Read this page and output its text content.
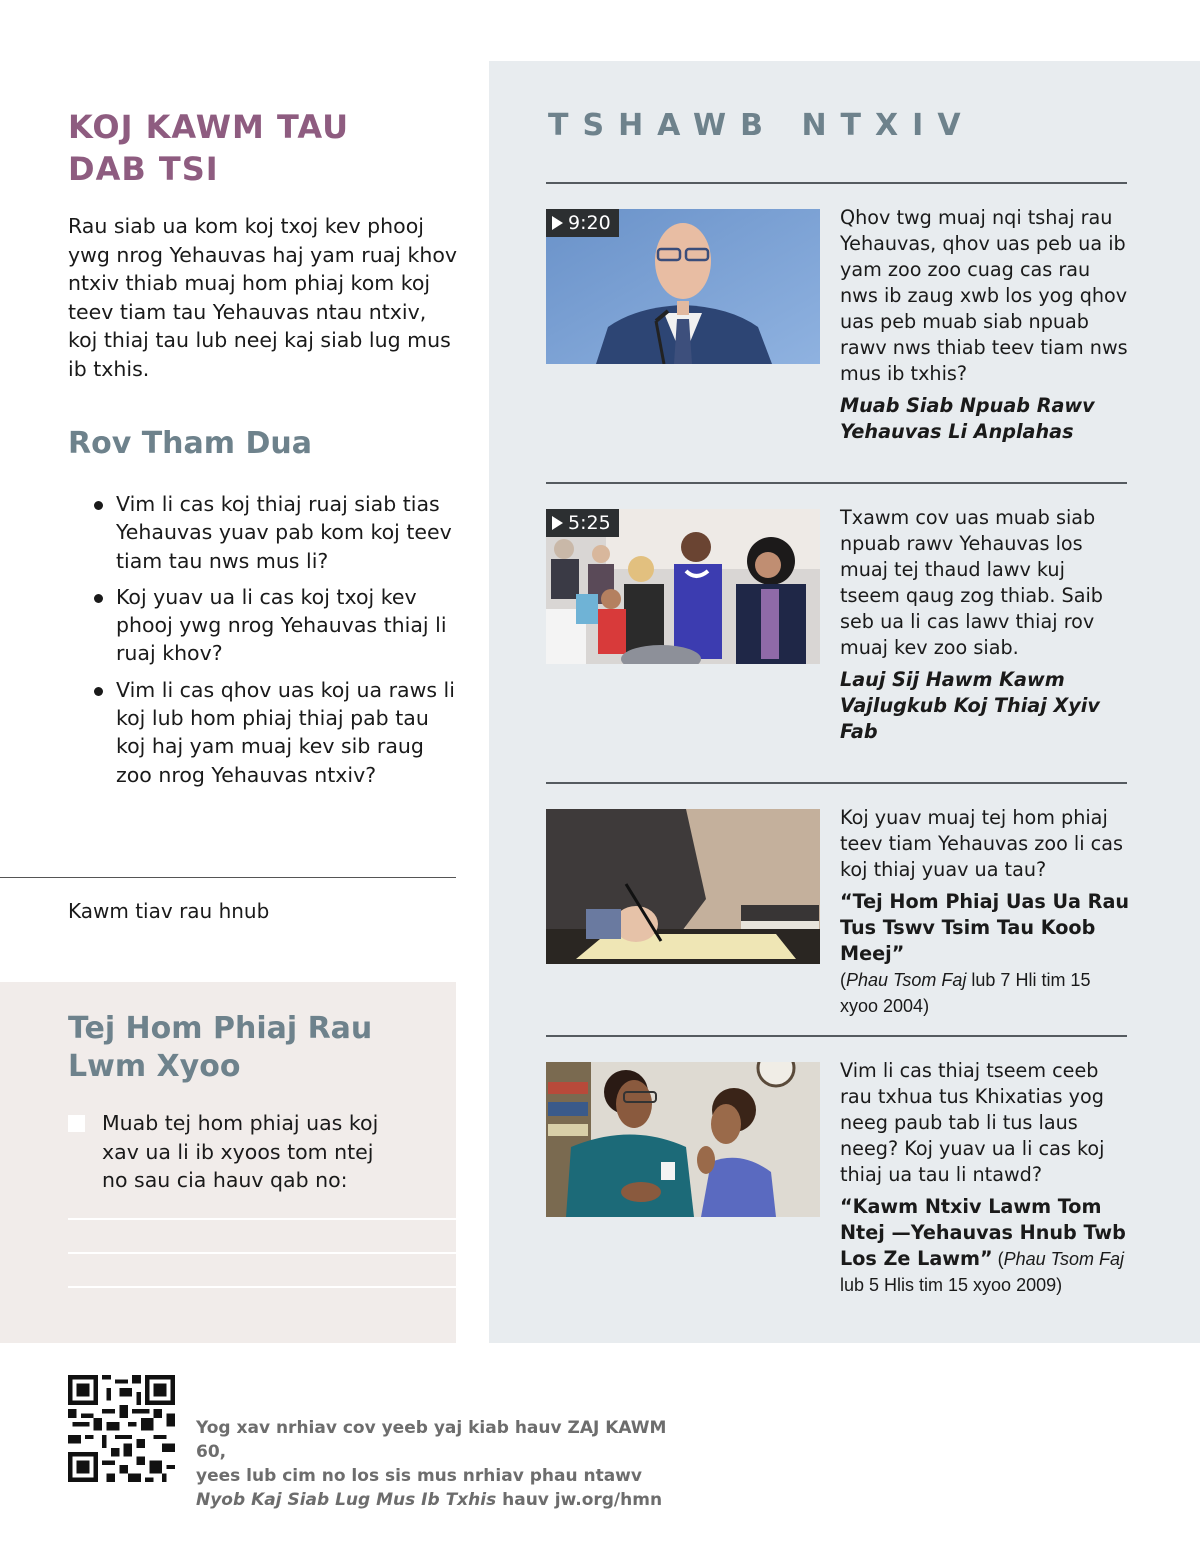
KOJ KAWM TAU
DAB TSI

Rau siab ua kom koj txoj kev phooj ywg nrog Yehauvas haj yam ruaj khov ntxiv thiab muaj hom phiaj kom koj teev tiam tau Yehauvas ntau ntxiv, koj thiaj tau lub neej kaj siab lug mus ib txhis.

Rov Tham Dua
Vim li cas koj thiaj ruaj siab tias Yehauvas yuav pab kom koj teev tiam tau nws mus li?
Koj yuav ua li cas koj txoj kev phooj ywg nrog Yehauvas thiaj li ruaj khov?
Vim li cas qhov uas koj ua raws li koj lub hom phiaj thiaj pab tau koj haj yam muaj kev sib raug zoo nrog Yehauvas ntxiv?
Kawm tiav rau hnub
Tej Hom Phiaj Rau
Lwm Xyoo

Muab tej hom phiaj uas koj xav ua li ib xyoos tom ntej no sau cia hauv qab no:

TSHAWB NTXIV
9:20	Qhov twg muaj nqi tshaj rau Yehauvas, qhov uas peb ua ib yam zoo zoo cuag cas rau nws ib zaug xwb los yog qhov uas peb muab siab npuab rawv nws thiab teev tiam nws mus ib txhis?
Muab Siab Npuab Rawv Yehauvas Li Anplahas
5:25	Txawm cov uas muab siab npuab rawv Yehauvas los muaj tej thaud lawv kuj tseem qaug zog thiab. Saib seb ua li cas lawv thiaj rov muaj kev zoo siab.
Lauj Sij Hawm Kawm Vajlugkub Koj Thiaj Xyiv Fab
Koj yuav muaj tej hom phiaj teev tiam Yehauvas zoo li cas koj thiaj yuav ua tau?
“Tej Hom Phiaj Uas Ua Rau Tus Tswv Tsim Tau Koob Meej”
(Phau Tsom Faj lub 7 Hli tim 15 xyoo 2004)
Vim li cas thiaj tseem ceeb rau txhua tus Khixatias yog neeg paub tab li tus laus neeg? Koj yuav ua li cas koj thiaj ua tau li ntawd?
“Kawm Ntxiv Lawm Tom Ntej —Yehauvas Hnub Twb Los Ze Lawm” (Phau Tsom Faj lub 5 Hlis tim 15 xyoo 2009)

Yog xav nrhiav cov yeeb yaj kiab hauv ZAJ KAWM 60,
yees lub cim no los sis mus nrhiav phau ntawv
Nyob Kaj Siab Lug Mus Ib Txhis hauv jw.org/hmn
